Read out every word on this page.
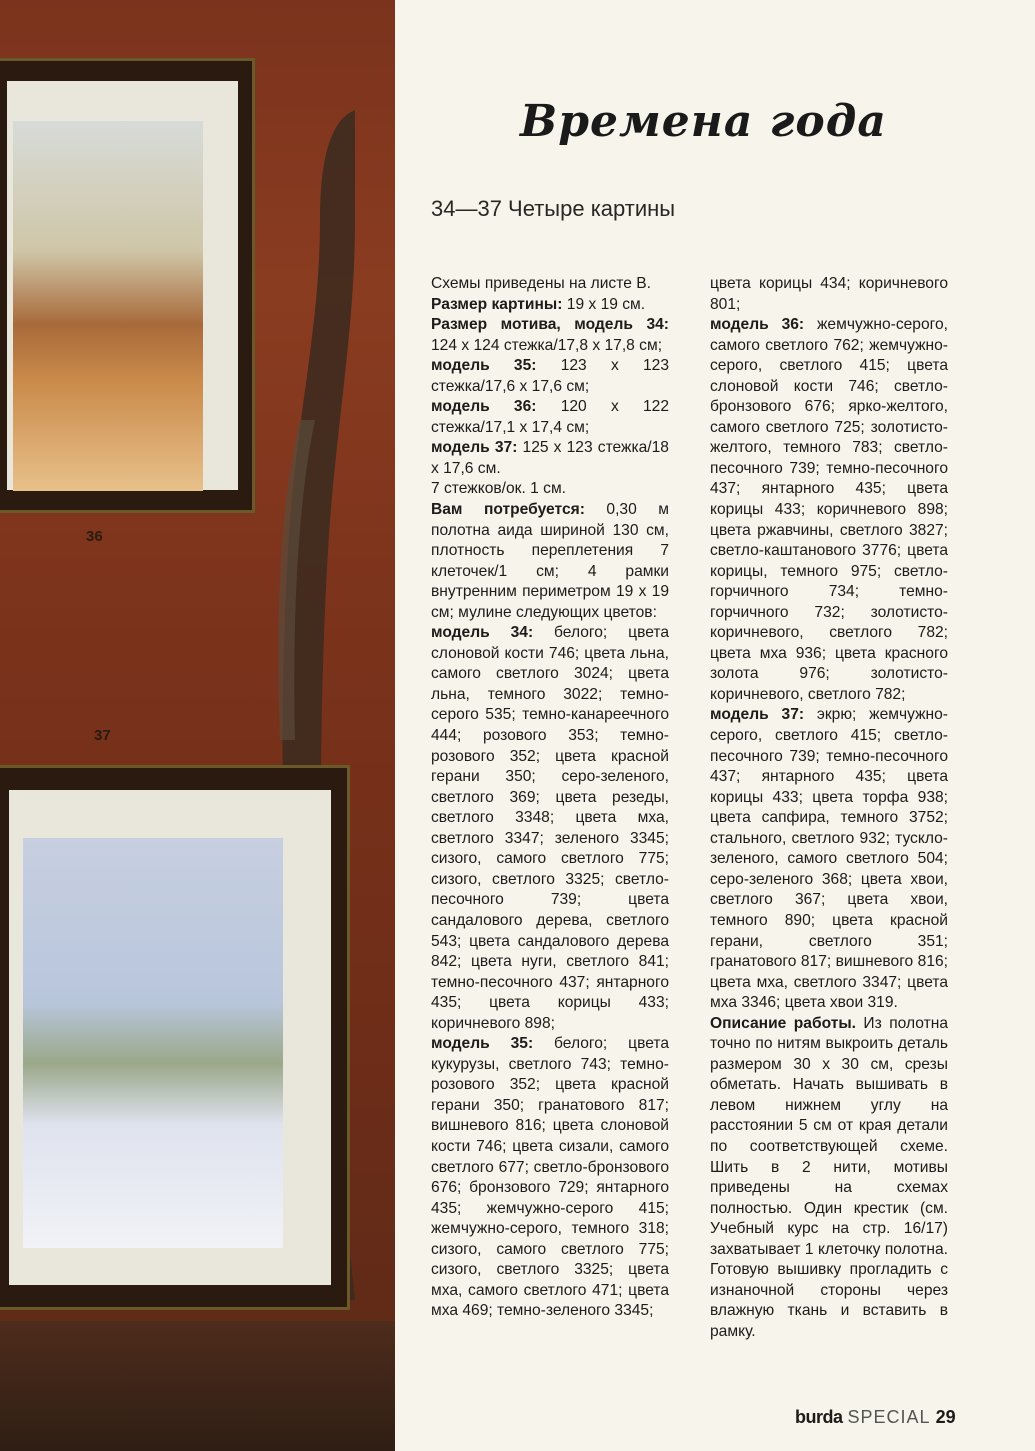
36
37
Времена года
34—37 Четыре картины

Схемы приведены на листе В.

Размер картины: 19 х 19 см.

Размер мотива, модель 34: 124 х 124 стежка/17,8 х 17,8 см;

модель 35: 123 х 123 стежка/17,6 х 17,6 см;

модель 36: 120 х 122 стежка/17,1 х 17,4 см;

модель 37: 125 х 123 стежка/18 х 17,6 см.

7 стежков/ок. 1 см.

Вам потребуется: 0,30 м полотна аида шириной 130 см, плотность переплетения 7 клеточек/1 см; 4 рамки внутренним периметром 19 х 19 см; мулине следующих цветов:

модель 34: белого; цвета слоновой кости 746; цвета льна, самого светлого 3024; цвета льна, темного 3022; темно-серого 535; темно-канареечного 444; розового 353; темно-розового 352; цвета красной герани 350; серо-зеленого, светлого 369; цвета резеды, светлого 3348; цвета мха, светлого 3347; зеленого 3345; сизого, самого светлого 775; сизого, светлого 3325; светло-песочного 739; цвета сандалового дерева, светлого 543; цвета сандалового дерева 842; цвета нуги, светлого 841; темно-песочного 437; янтарного 435; цвета корицы 433; коричневого 898;

модель 35: белого; цвета кукурузы, светлого 743; темно-розового 352; цвета красной герани 350; гранатового 817; вишневого 816; цвета слоновой кости 746; цвета сизали, самого светлого 677; светло-бронзового 676; бронзового 729; янтарного 435; жемчужно-серого 415; жемчужно-серого, темного 318; сизого, самого светлого 775; сизого, светлого 3325; цвета мха, самого светлого 471; цвета мха 469; темно-зеленого 3345;

цвета корицы 434; коричневого 801;

модель 36: жемчужно-серого, самого светлого 762; жемчужно-серого, светлого 415; цвета слоновой кости 746; светло-бронзового 676; ярко-желтого, самого светлого 725; золотисто-желтого, темного 783; светло-песочного 739; темно-песочного 437; янтарного 435; цвета корицы 433; коричневого 898; цвета ржавчины, светлого 3827; светло-каштанового 3776; цвета корицы, темного 975; светло-горчичного 734; темно-горчичного 732; золотисто-коричневого, светлого 782; цвета мха 936; цвета красного золота 976; золотисто-коричневого, светлого 782;

модель 37: экрю; жемчужно-серого, светлого 415; светло-песочного 739; темно-песочного 437; янтарного 435; цвета корицы 433; цвета торфа 938; цвета сапфира, темного 3752; стального, светлого 932; тускло-зеленого, самого светлого 504; серо-зеленого 368; цвета хвои, светлого 367; цвета хвои, темного 890; цвета красной герани, светлого 351; гранатового 817; вишневого 816; цвета мха, светлого 3347; цвета мха 3346; цвета хвои 319.

Описание работы. Из полотна точно по нитям выкроить деталь размером 30 х 30 см, срезы обметать. Начать вышивать в левом нижнем углу на расстоянии 5 см от края детали по соответствующей схеме. Шить в 2 нити, мотивы приведены на схемах полностью. Один крестик (см. Учебный курс на стр. 16/17) захватывает 1 клеточку полотна. Готовую вышивку прогладить с изнаночной стороны через влажную ткань и вставить в рамку.

burda SPECIAL 29
